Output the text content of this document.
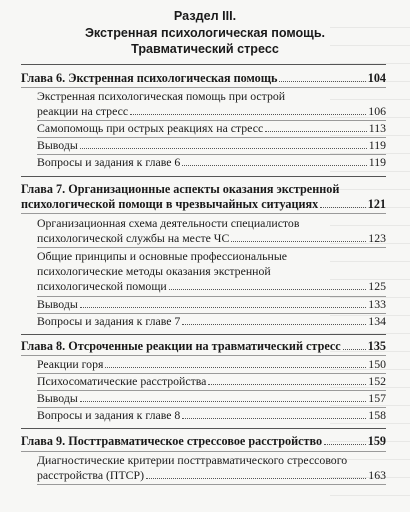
Раздел III.
Экстренная психологическая помощь.
Травматический стресс
Глава 6. Экстренная психологическая помощь	104
Экстренная психологическая помощь при острой
реакции на стресс	106
Самопомощь при острых реакциях на стресс	113
Выводы	119
Вопросы и задания к главе 6	119
Глава 7. Организационные аспекты оказания экстренной
психологической помощи в чрезвычайных ситуациях	121
Организационная схема деятельности специалистов
психологической службы на месте ЧС	123
Общие принципы и основные профессиональные
психологические методы оказания экстренной
психологической помощи	125
Выводы	133
Вопросы и задания к главе 7	134
Глава 8. Отсроченные реакции на травматический стресс 135
Реакции горя	150
Психосоматические расстройства	152
Выводы	157
Вопросы и задания к главе 8	158
Глава 9. Посттравматическое стрессовое расстройство	159
Диагностические критерии посттравматического стрессового
расстройства (ПТСР)	163
